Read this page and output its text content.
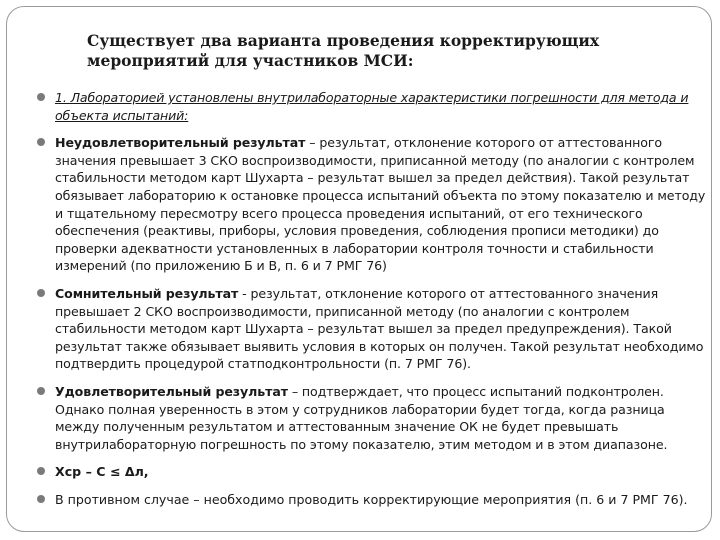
Существует два варианта проведения корректирующих мероприятий для участников МСИ:
1. Лабораторией установлены внутрилабораторные характеристики погрешности для метода и объекта испытаний:
Неудовлетворительный результат – результат, отклонение которого от аттестованного значения превышает 3 СКО воспроизводимости, приписанной методу (по аналогии с контролем стабильности методом карт Шухарта – результат вышел за предел действия). Такой результат обязывает лабораторию к остановке процесса испытаний объекта по этому показателю и методу и тщательному пересмотру всего процесса проведения испытаний, от его технического обеспечения (реактивы, приборы, условия проведения, соблюдения прописи методики) до проверки адекватности установленных в лаборатории контроля точности и стабильности измерений (по приложению Б и В, п. 6 и 7 РМГ 76)
Сомнительный результат - результат, отклонение которого от аттестованного значения превышает 2 СКО воспроизводимости, приписанной методу (по аналогии с контролем стабильности методом карт Шухарта – результат вышел за предел предупреждения). Такой результат также обязывает выявить условия в которых он получен. Такой результат необходимо подтвердить процедурой статподконтрольности (п. 7 РМГ 76).
Удовлетворительный результат – подтверждает, что процесс испытаний подконтролен. Однако полная уверенность в этом у сотрудников лаборатории будет тогда, когда разница между полученным результатом и аттестованным значение ОК не будет превышать внутрилабораторную погрешность по этому показателю, этим методом и в этом диапазоне.
Хср – С ≤ Δл,
В противном случае – необходимо проводить корректирующие мероприятия (п. 6 и 7 РМГ 76).
